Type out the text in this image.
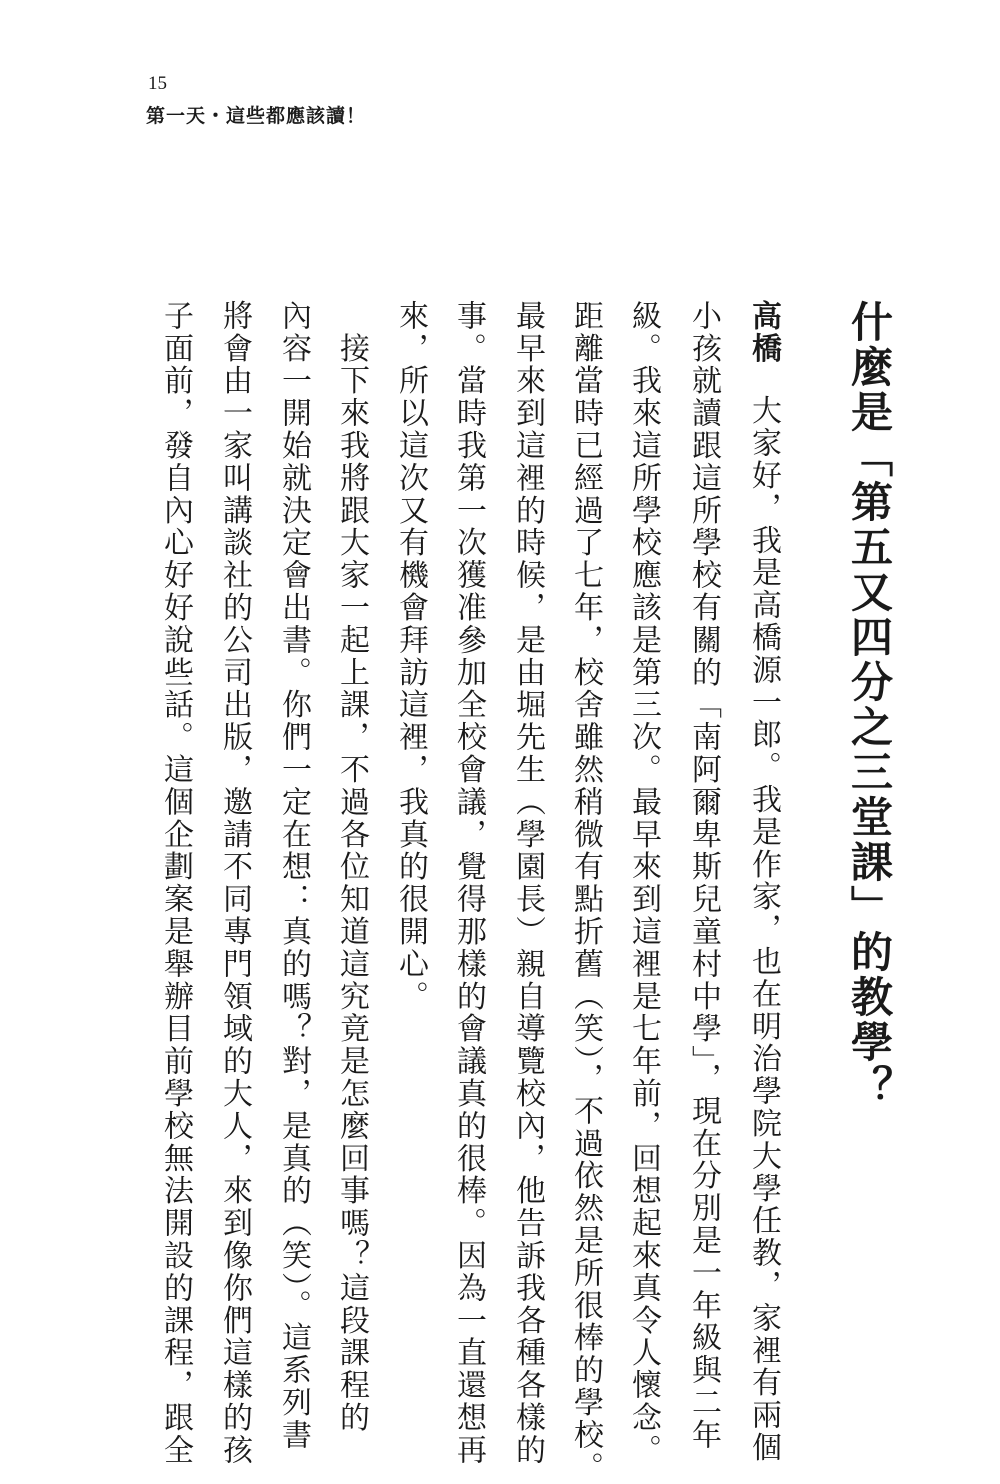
15
第一天・這些都應該讀！
什麼是「第五又四分之三堂課」的教學？
高橋大家好，我是高橋源一郎。我是作家，也在明治學院大學任教，家裡有兩個
小孩就讀跟這所學校有關的「南阿爾卑斯兒童村中學」，現在分別是一年級與二年
級。我來這所學校應該是第三次。最早來到這裡是七年前，回想起來真令人懷念。
距離當時已經過了七年，校舍雖然稍微有點折舊（笑），不過依然是所很棒的學校。
最早來到這裡的時候，是由堀先生（學園長）親自導覽校內，他告訴我各種各樣的
事。當時我第一次獲准參加全校會議，覺得那樣的會議真的很棒。因為一直還想再
來，所以這次又有機會拜訪這裡，我真的很開心。
　接下來我將跟大家一起上課，不過各位知道這究竟是怎麼回事嗎？這段課程的
內容一開始就決定會出書。你們一定在想：真的嗎？對，是真的（笑）。這系列書
將會由一家叫講談社的公司出版，邀請不同專門領域的大人，來到像你們這樣的孩
子面前，發自內心好好說些話。這個企劃案是舉辦目前學校無法開設的課程，跟全
